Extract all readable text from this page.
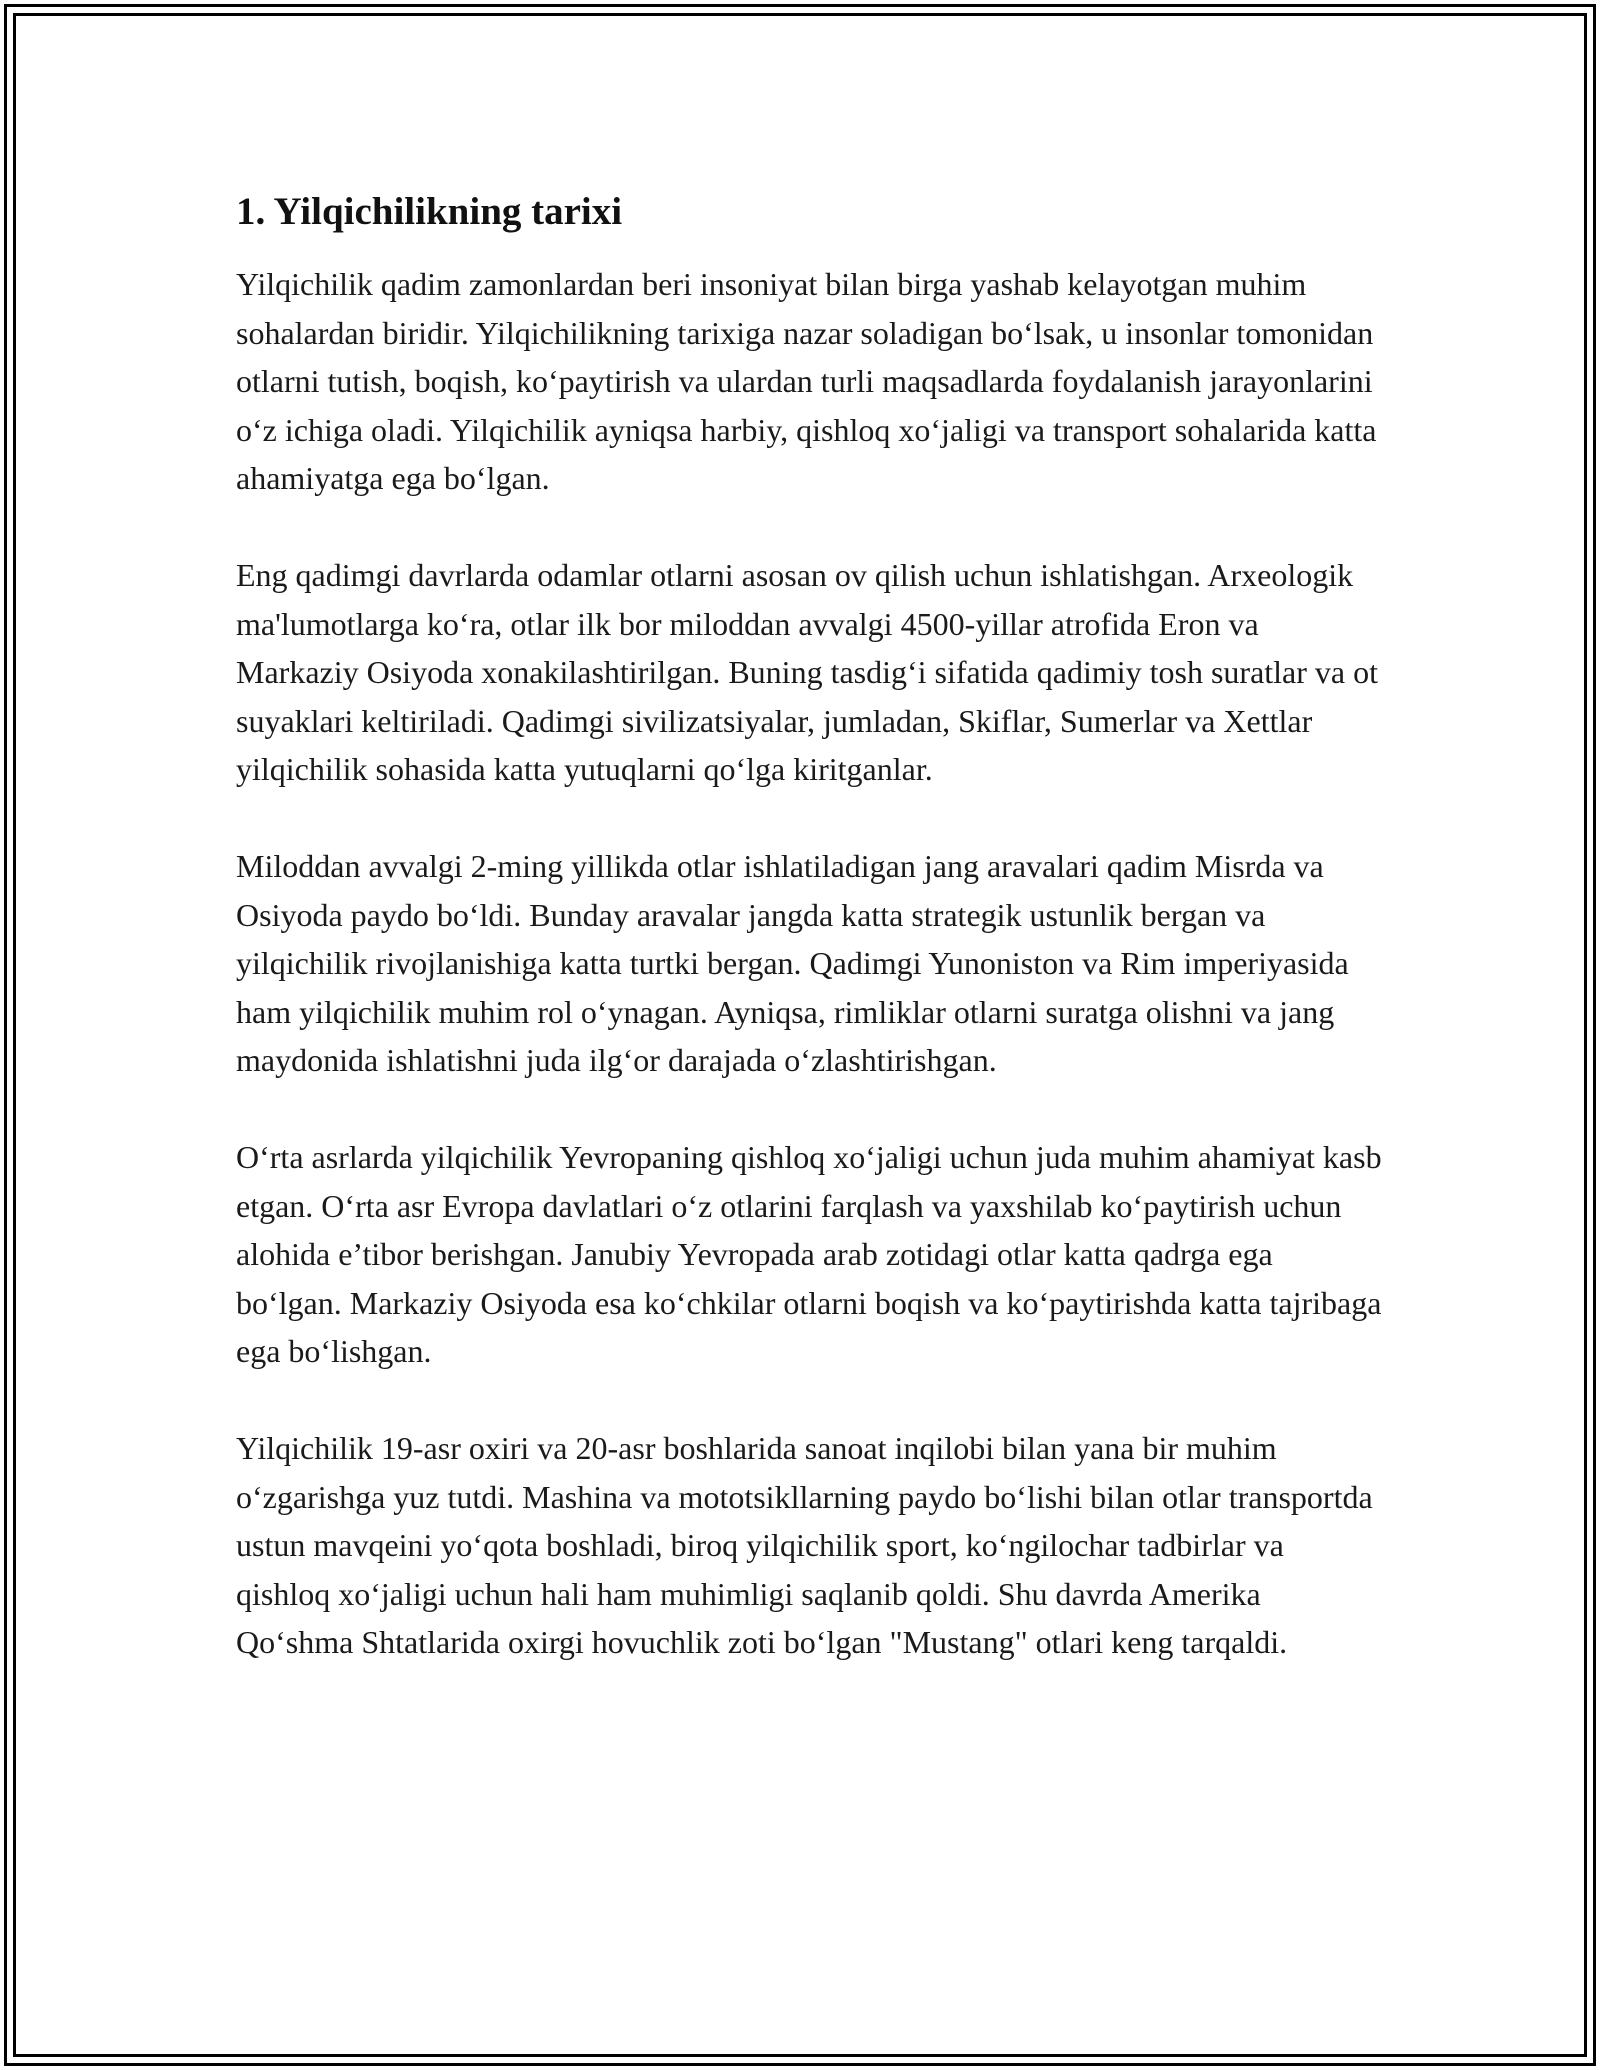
1. Yilqichilikning tarixi

Yilqichilik qadim zamonlardan beri insoniyat bilan birga yashab kelayotgan muhim sohalardan biridir. Yilqichilikning tarixiga nazar soladigan bo‘lsak, u insonlar tomonidan otlarni tutish, boqish, ko‘paytirish va ulardan turli maqsadlarda foydalanish jarayonlarini o‘z ichiga oladi. Yilqichilik ayniqsa harbiy, qishloq xo‘jaligi va transport sohalarida katta ahamiyatga ega bo‘lgan.

Eng qadimgi davrlarda odamlar otlarni asosan ov qilish uchun ishlatishgan. Arxeologik ma'lumotlarga ko‘ra, otlar ilk bor miloddan avvalgi 4500-yillar atrofida Eron va Markaziy Osiyoda xonakilashtirilgan. Buning tasdig‘i sifatida qadimiy tosh suratlar va ot suyaklari keltiriladi. Qadimgi sivilizatsiyalar, jumladan, Skiflar, Sumerlar va Xettlar yilqichilik sohasida katta yutuqlarni qo‘lga kiritganlar.

Miloddan avvalgi 2-ming yillikda otlar ishlatiladigan jang aravalari qadim Misrda va Osiyoda paydo bo‘ldi. Bunday aravalar jangda katta strategik ustunlik bergan va yilqichilik rivojlanishiga katta turtki bergan. Qadimgi Yunoniston va Rim imperiyasida ham yilqichilik muhim rol o‘ynagan. Ayniqsa, rimliklar otlarni suratga olishni va jang maydonida ishlatishni juda ilg‘or darajada o‘zlashtirishgan.

O‘rta asrlarda yilqichilik Yevropaning qishloq xo‘jaligi uchun juda muhim ahamiyat kasb etgan. O‘rta asr Evropa davlatlari o‘z otlarini farqlash va yaxshilab ko‘paytirish uchun alohida e’tibor berishgan. Janubiy Yevropada arab zotidagi otlar katta qadrga ega bo‘lgan. Markaziy Osiyoda esa ko‘chkilar otlarni boqish va ko‘paytirishda katta tajribaga ega bo‘lishgan.

Yilqichilik 19-asr oxiri va 20-asr boshlarida sanoat inqilobi bilan yana bir muhim o‘zgarishga yuz tutdi. Mashina va mototsikllarning paydo bo‘lishi bilan otlar transportda ustun mavqeini yo‘qota boshladi, biroq yilqichilik sport, ko‘ngilochar tadbirlar va qishloq xo‘jaligi uchun hali ham muhimligi saqlanib qoldi. Shu davrda Amerika Qo‘shma Shtatlarida oxirgi hovuchlik zoti bo‘lgan "Mustang" otlari keng tarqaldi.
